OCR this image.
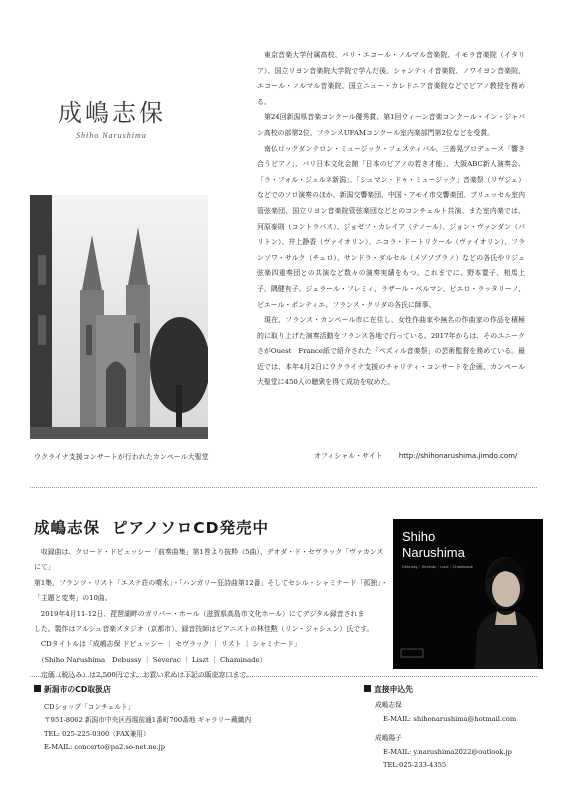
成嶋志保
Shiho Narushima

東京音楽大学付属高校、パリ・エコール・ノルマル音楽院、イモラ音楽院（イタリア）、国立リヨン音楽院大学院で学んだ後、シャンティイ音楽院、ノワイヨン音楽院、エコール・ノルマル音楽院、国立ニュー・カレドニア音楽院などでピアノ教授を務める。

第24回新潟県音楽コンクール優秀賞、第1回ウィーン音楽コンクール・イン・ジャパン高校の部第2位、フランスUFAMコンクール室内楽部門第2位などを受賞。

南仏ロックダンテロン・ミュージック・フェスティバル、三善晃プロデュース「響き合うピアノ」、パリ日本文化会館「日本のピアノの若き才能」、大阪ABC新人演奏会、「ラ・フォル・ジュルネ新潟」、「シュマン・ドゥ・ミュージック」音楽祭（リヴジェ）などでのソロ演奏のほか、新潟交響楽団、中国・アモイ市交響楽団、ブリュッセル室内管弦楽団、国立リヨン音楽院管弦楽団などとのコンチェルト共演、また室内楽では、河原泰則（コントラバス）、ジョゼフ・カレイア（テノール）、ジョン・ヴァンダン（バリトン）、井上静香（ヴァイオリン）、ニコラ・ドートリクール（ヴァイオリン）、フランソワ・サルク（チェロ）、サンドラ・ダルセル（メゾソプラノ）などの各氏やリジェ弦楽四重奏団との共演など数々の演奏実績をもつ。これまでに、野本寛子、相馬上子、隅健有子、ジェラール・フレミィ、ラザール・ベルマン、ピエロ・ラッタリーノ、ピエール・ポンティエ、フランス・クリダの各氏に師事。

現在、フランス・カンペール市に在住し、女性作曲家や無名の作曲家の作品を積極的に取り上げた演奏活動をフランス各地で行っている。2017年からは、そのユニークさがOuest　France紙で紹介された「ペズィル音楽祭」の芸術監督を務めている。最近では、本年4月2日にウクライナ支援のチャリティ・コンサートを企画、カンペール大聖堂に450人の聴衆を得て成功を収めた。

ウクライナ支援コンサートが行われたカンペール大聖堂	オフィシャル・サイト http://shihonarushima.jimdo.com/
成嶋志保 ピアノソロCD発売中

　収録曲は、クロード・ドビュッシー「前奏曲集」第1巻より抜粋（5曲）、デオダ・ド・セヴラック「ヴァカンスにて」

第1集、フランツ・リスト「エステ荘の噴水」・「ハンガリー狂詩曲第12番」そしてセシル・シャミナード「孤独」・

「主題と変奏」の10曲。

　2019年4月11-12日、琵琶湖畔のガリバー・ホール（滋賀県高島市文化ホール）にてデジタル録音されま

した。製作はアルシュ音楽スタジオ（京都市）、録音技師はピアニストの林佳勲（リン・ジャシュン）氏です。

　CDタイトルは「成嶋志保 ドビュッシー ｜ セヴラック ｜ リスト ｜ シャミナード」

　（Shiho Narushima　Debussy ｜ Séverac ｜ Liszt ｜ Chaminade）

　定価（税込み）は2,500円です。お買い求めは下記の販売窓口まで。

Shiho
Narushima
Debussy｜Séverac｜Liszt｜Chaminade
新潟市のCD取扱店

CDショップ「コンチェルト」

〒951-8062 新潟市中央区西堀前通1番町700番地 ギャラリー蔵織内

TEL: 025-225-0300（FAX兼用）

E-MAIL: concerto@pa2.so-net.ne.jp

直接申込先

成嶋志保

E-MAIL: shihonarushima@hotmail.com

成嶋陽子

E-MAIL: y.narushima2022@outlook.jp

TEL:025-233-4355
